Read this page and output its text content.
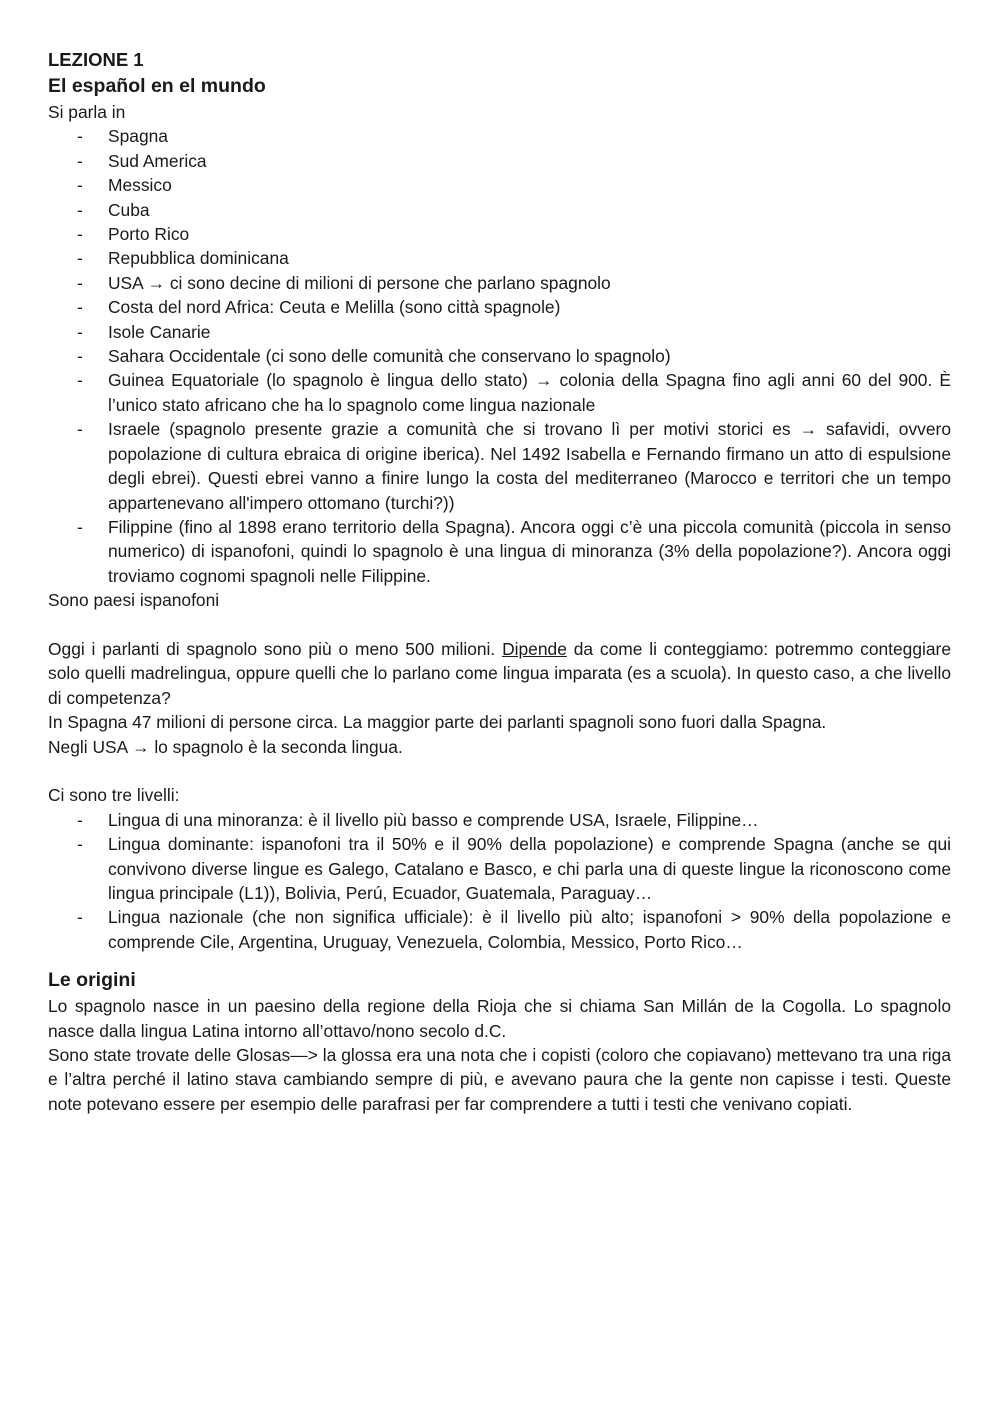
LEZIONE 1
El español en el mundo

Si parla in

- Spagna
- Sud America
- Messico
- Cuba
- Porto Rico
- Repubblica dominicana
- USA → ci sono decine di milioni di persone che parlano spagnolo
- Costa del nord Africa: Ceuta e Melilla (sono città spagnole)
- Isole Canarie
- Sahara Occidentale (ci sono delle comunità che conservano lo spagnolo)
- Guinea Equatoriale (lo spagnolo è lingua dello stato) → colonia della Spagna fino agli anni 60 del 900. È l’unico stato africano che ha lo spagnolo come lingua nazionale
- Israele (spagnolo presente grazie a comunità che si trovano lì per motivi storici es → safavidi, ovvero popolazione di cultura ebraica di origine iberica). Nel 1492 Isabella e Fernando firmano un atto di espulsione degli ebrei). Questi ebrei vanno a finire lungo la costa del mediterraneo (Marocco e territori che un tempo appartenevano all'impero ottomano (turchi?))
- Filippine (fino al 1898 erano territorio della Spagna). Ancora oggi c’è una piccola comunità (piccola in senso numerico) di ispanofoni, quindi lo spagnolo è una lingua di minoranza (3% della popolazione?). Ancora oggi troviamo cognomi spagnoli nelle Filippine.

Sono paesi ispanofoni

Oggi i parlanti di spagnolo sono più o meno 500 milioni. Dipende da come li conteggiamo: potremmo conteggiare solo quelli madrelingua, oppure quelli che lo parlano come lingua imparata (es a scuola). In questo caso, a che livello di competenza?

In Spagna 47 milioni di persone circa. La maggior parte dei parlanti spagnoli sono fuori dalla Spagna.

Negli USA → lo spagnolo è la seconda lingua.

Ci sono tre livelli:

- Lingua di una minoranza: è il livello più basso e comprende USA, Israele, Filippine…
- Lingua dominante: ispanofoni tra il 50% e il 90% della popolazione) e comprende Spagna (anche se qui convivono diverse lingue es Galego, Catalano e Basco, e chi parla una di queste lingue la riconoscono come lingua principale (L1)), Bolivia, Perú, Ecuador, Guatemala, Paraguay…
- Lingua nazionale (che non significa ufficiale): è il livello più alto; ispanofoni > 90% della popolazione e comprende Cile, Argentina, Uruguay, Venezuela, Colombia, Messico, Porto Rico…
Le origini

Lo spagnolo nasce in un paesino della regione della Rioja che si chiama San Millán de la Cogolla. Lo spagnolo nasce dalla lingua Latina intorno all’ottavo/nono secolo d.C.

Sono state trovate delle Glosas—> la glossa era una nota che i copisti (coloro che copiavano) mettevano tra una riga e l’altra perché il latino stava cambiando sempre di più, e avevano paura che la gente non capisse i testi. Queste note potevano essere per esempio delle parafrasi per far comprendere a tutti i testi che venivano copiati.
